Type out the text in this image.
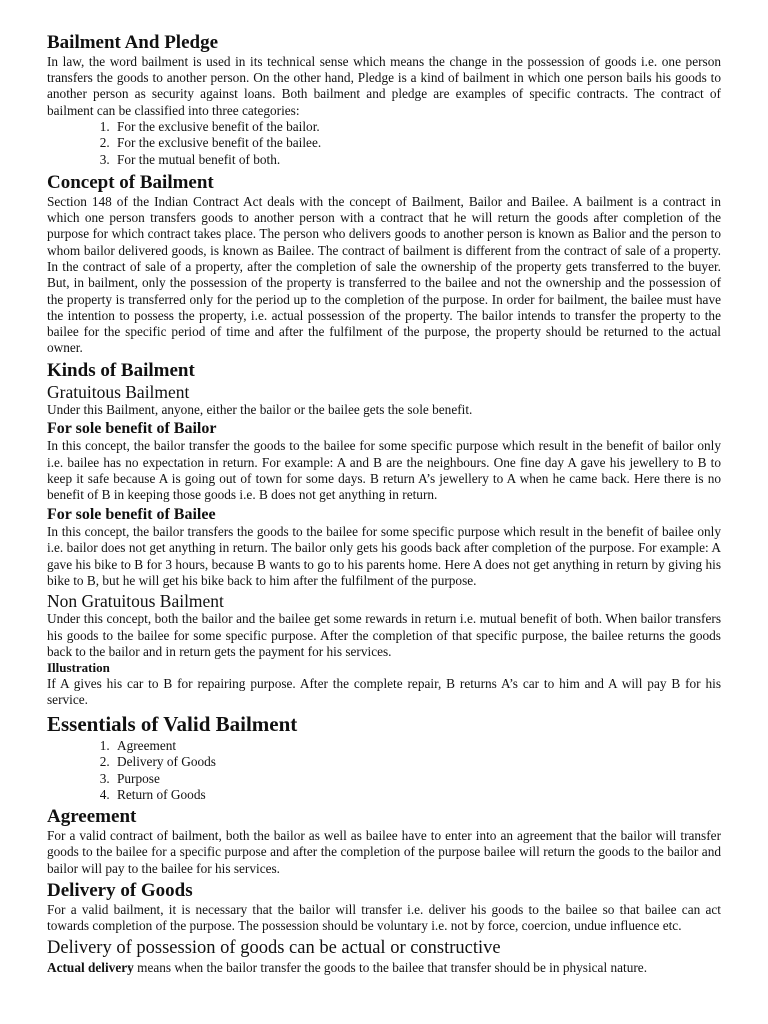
Bailment And Pledge

In law, the word bailment is used in its technical sense which means the change in the possession of goods i.e. one person transfers the goods to another person. On the other hand, Pledge is a kind of bailment in which one person bails his goods to another person as security against loans. Both bailment and pledge are examples of specific contracts. The contract of bailment can be classified into three categories:

1. For the exclusive benefit of the bailor.
2. For the exclusive benefit of the bailee.
3. For the mutual benefit of both.
Concept of Bailment

Section 148 of the Indian Contract Act deals with the concept of Bailment, Bailor and Bailee. A bailment is a contract in which one person transfers goods to another person with a contract that he will return the goods after completion of the purpose for which contract takes place. The person who delivers goods to another person is known as Balior and the person to whom bailor delivered goods, is known as Bailee. The contract of bailment is different from the contract of sale of a property. In the contract of sale of a property, after the completion of sale the ownership of the property gets transferred to the buyer. But, in bailment, only the possession of the property is transferred to the bailee and not the ownership and the possession of the property is transferred only for the period up to the completion of the purpose. In order for bailment, the bailee must have the intention to possess the property, i.e. actual possession of the property. The bailor intends to transfer the property to the bailee for the specific period of time and after the fulfilment of the purpose, the property should be returned to the actual owner.

Kinds of Bailment
Gratuitous Bailment

Under this Bailment, anyone, either the bailor or the bailee gets the sole benefit.

For sole benefit of Bailor

In this concept, the bailor transfer the goods to the bailee for some specific purpose which result in the benefit of bailor only i.e. bailee has no expectation in return. For example: A and B are the neighbours. One fine day A gave his jewellery to B to keep it safe because A is going out of town for some days. B return A’s jewellery to A when he came back. Here there is no benefit of B in keeping those goods i.e. B does not get anything in return.

For sole benefit of Bailee

In this concept, the bailor transfers the goods to the bailee for some specific purpose which result in the benefit of bailee only i.e. bailor does not get anything in return. The bailor only gets his goods back after completion of the purpose. For example: A gave his bike to B for 3 hours, because B wants to go to his parents home. Here A does not get anything in return by giving his bike to B, but he will get his bike back to him after the fulfilment of the purpose.

Non Gratuitous Bailment

Under this concept, both the bailor and the bailee get some rewards in return i.e. mutual benefit of both. When bailor transfers his goods to the bailee for some specific purpose. After the completion of that specific purpose, the bailee returns the goods back to the bailor and in return gets the payment for his services.

Illustration

If A gives his car to B for repairing purpose. After the complete repair, B returns A’s car to him and A will pay B for his service.

Essentials of Valid Bailment
1. Agreement
2. Delivery of Goods
3. Purpose
4. Return of Goods
Agreement

For a valid contract of bailment, both the bailor as well as bailee have to enter into an agreement that the bailor will transfer goods to the bailee for a specific purpose and after the completion of the purpose bailee will return the goods to the bailor and bailor will pay to the bailee for his services.

Delivery of Goods

For a valid bailment, it is necessary that the bailor will transfer i.e. deliver his goods to the bailee so that bailee can act towards completion of the purpose. The possession should be voluntary i.e. not by force, coercion, undue influence etc.

Delivery of possession of goods can be actual or constructive

Actual delivery means when the bailor transfer the goods to the bailee that transfer should be in physical nature.
